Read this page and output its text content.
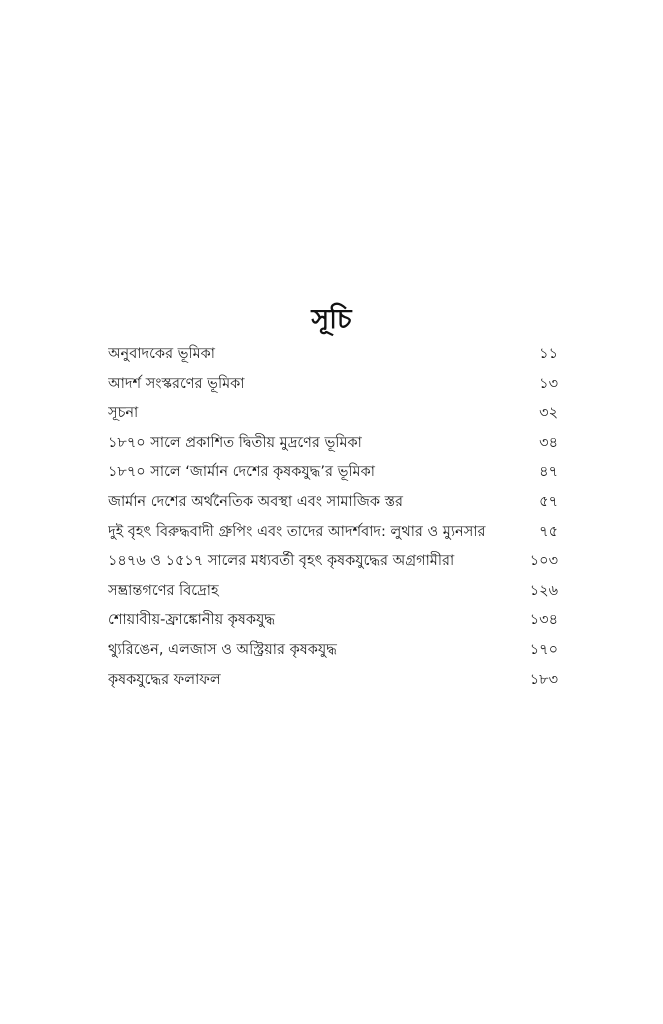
সূচি
অনুবাদকের ভূমিকা	১১
আদর্শ সংস্করণের ভূমিকা	১৩
সূচনা	৩২
১৮৭০ সালে প্রকাশিত দ্বিতীয় মুদ্রণের ভূমিকা	৩৪
১৮৭০ সালে ‘জার্মান দেশের কৃষকযুদ্ধ’র ভূমিকা	৪৭
জার্মান দেশের অর্থনৈতিক অবস্থা এবং সামাজিক স্তর	৫৭
দুই বৃহৎ বিরুদ্ধবাদী গ্রুপিং এবং তাদের আদর্শবাদ: লুথার ও ম্যুনসার	৭৫
১৪৭৬ ও ১৫১৭ সালের মধ্যবর্তী বৃহৎ কৃষকযুদ্ধের অগ্রগামীরা	১০৩
সম্ভ্রান্তগণের বিদ্রোহ	১২৬
শোয়াবীয়-ফ্রাঙ্কোনীয় কৃষকযুদ্ধ	১৩৪
থ্যুরিঙেন, এলজাস ও অস্ট্রিয়ার কৃষকযুদ্ধ	১৭০
কৃষকযুদ্ধের ফলাফল	১৮৩
